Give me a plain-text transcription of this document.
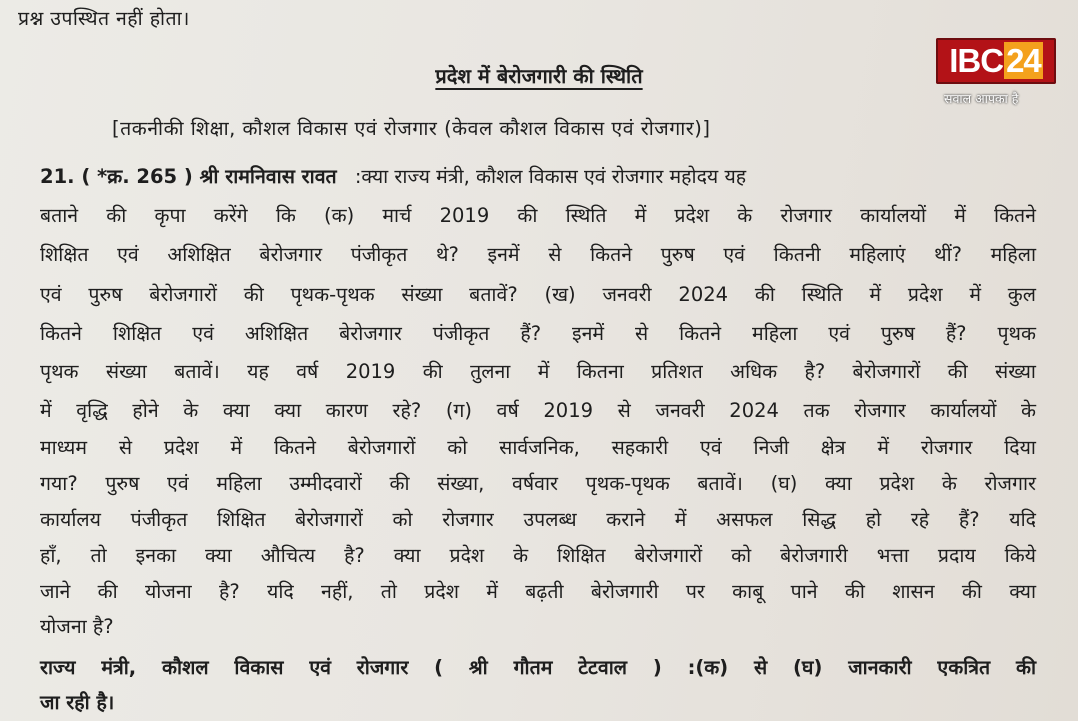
प्रश्न उपस्थित नहीं होता।
प्रदेश में बेरोजगारी की स्थिति
[तकनीकी शिक्षा, कौशल विकास एवं रोजगार (केवल कौशल विकास एवं रोजगार)]
21. ( *क्र. 265 ) श्री रामनिवास रावत :क्या राज्य मंत्री, कौशल विकास एवं रोजगार महोदय यह
बताने की कृपा करेंगे कि (क) मार्च 2019 की स्थिति में प्रदेश के रोजगार कार्यालयों में कितने
शिक्षित एवं अशिक्षित बेरोजगार पंजीकृत थे? इनमें से कितने पुरुष एवं कितनी महिलाएं थीं? महिला
एवं पुरुष बेरोजगारों की पृथक-पृथक संख्या बतावें? (ख) जनवरी 2024 की स्थिति में प्रदेश में कुल
कितने शिक्षित एवं अशिक्षित बेरोजगार पंजीकृत हैं? इनमें से कितने महिला एवं पुरुष हैं? पृथक
पृथक संख्या बतावें। यह वर्ष 2019 की तुलना में कितना प्रतिशत अधिक है? बेरोजगारों की संख्या
में वृद्धि होने के क्या क्या कारण रहे? (ग) वर्ष 2019 से जनवरी 2024 तक रोजगार कार्यालयों के
माध्यम से प्रदेश में कितने बेरोजगारों को सार्वजनिक, सहकारी एवं निजी क्षेत्र में रोजगार दिया
गया? पुरुष एवं महिला उम्मीदवारों की संख्या, वर्षवार पृथक-पृथक बतावें। (घ) क्या प्रदेश के रोजगार
कार्यालय पंजीकृत शिक्षित बेरोजगारों को रोजगार उपलब्ध कराने में असफल सिद्ध हो रहे हैं? यदि
हाँ, तो इनका क्या औचित्य है? क्या प्रदेश के शिक्षित बेरोजगारों को बेरोजगारी भत्ता प्रदाय किये
जाने की योजना है? यदि नहीं, तो प्रदेश में बढ़ती बेरोजगारी पर काबू पाने की शासन की क्या
योजना है?
राज्य मंत्री, कौशल विकास एवं रोजगार ( श्री गौतम टेटवाल ) :(क) से (घ) जानकारी एकत्रित की
जा रही है।
IBC24
सवाल आपका है
